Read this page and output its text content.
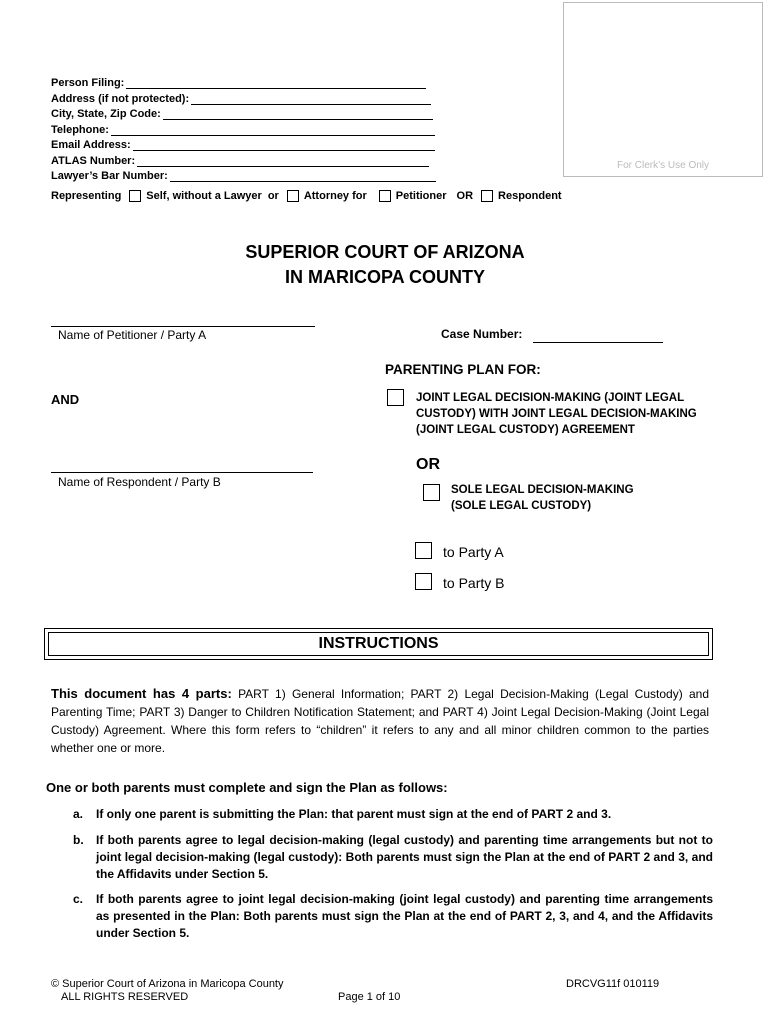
For Clerk’s Use Only
Person Filing:
Address (if not protected):
City, State, Zip Code:
Telephone:
Email Address:
ATLAS Number:
Lawyer’s Bar Number:
Representing Self, without a Lawyer or Attorney for	Petitioner OR Respondent
SUPERIOR COURT OF ARIZONA
IN MARICOPA COUNTY
Name of Petitioner / Party A
AND
Name of Respondent / Party B
Case Number:
PARENTING PLAN FOR:
JOINT LEGAL DECISION-MAKING (JOINT LEGAL CUSTODY) WITH JOINT LEGAL DECISION-MAKING (JOINT LEGAL CUSTODY) AGREEMENT
OR
SOLE LEGAL DECISION-MAKING
(SOLE LEGAL CUSTODY)
to Party A
to Party B
INSTRUCTIONS
This document has 4 parts: PART 1) General Information; PART 2) Legal Decision-Making (Legal Custody) and Parenting Time; PART 3) Danger to Children Notification Statement; and PART 4) Joint Legal Decision-Making (Joint Legal Custody) Agreement. Where this form refers to “children” it refers to any and all minor children common to the parties whether one or more.
One or both parents must complete and sign the Plan as follows:
a. If only one parent is submitting the Plan: that parent must sign at the end of PART 2 and 3.
b. If both parents agree to legal decision-making (legal custody) and parenting time arrangements but not to joint legal decision-making (legal custody): Both parents must sign the Plan at the end of PART 2 and 3, and the Affidavits under Section 5.
c. If both parents agree to joint legal decision-making (joint legal custody) and parenting time arrangements as presented in the Plan: Both parents must sign the Plan at the end of PART 2, 3, and 4, and the Affidavits under Section 5.
© Superior Court of Arizona in Maricopa County
ALL RIGHTS RESERVED	Page 1 of 10
DRCVG11f 010119
